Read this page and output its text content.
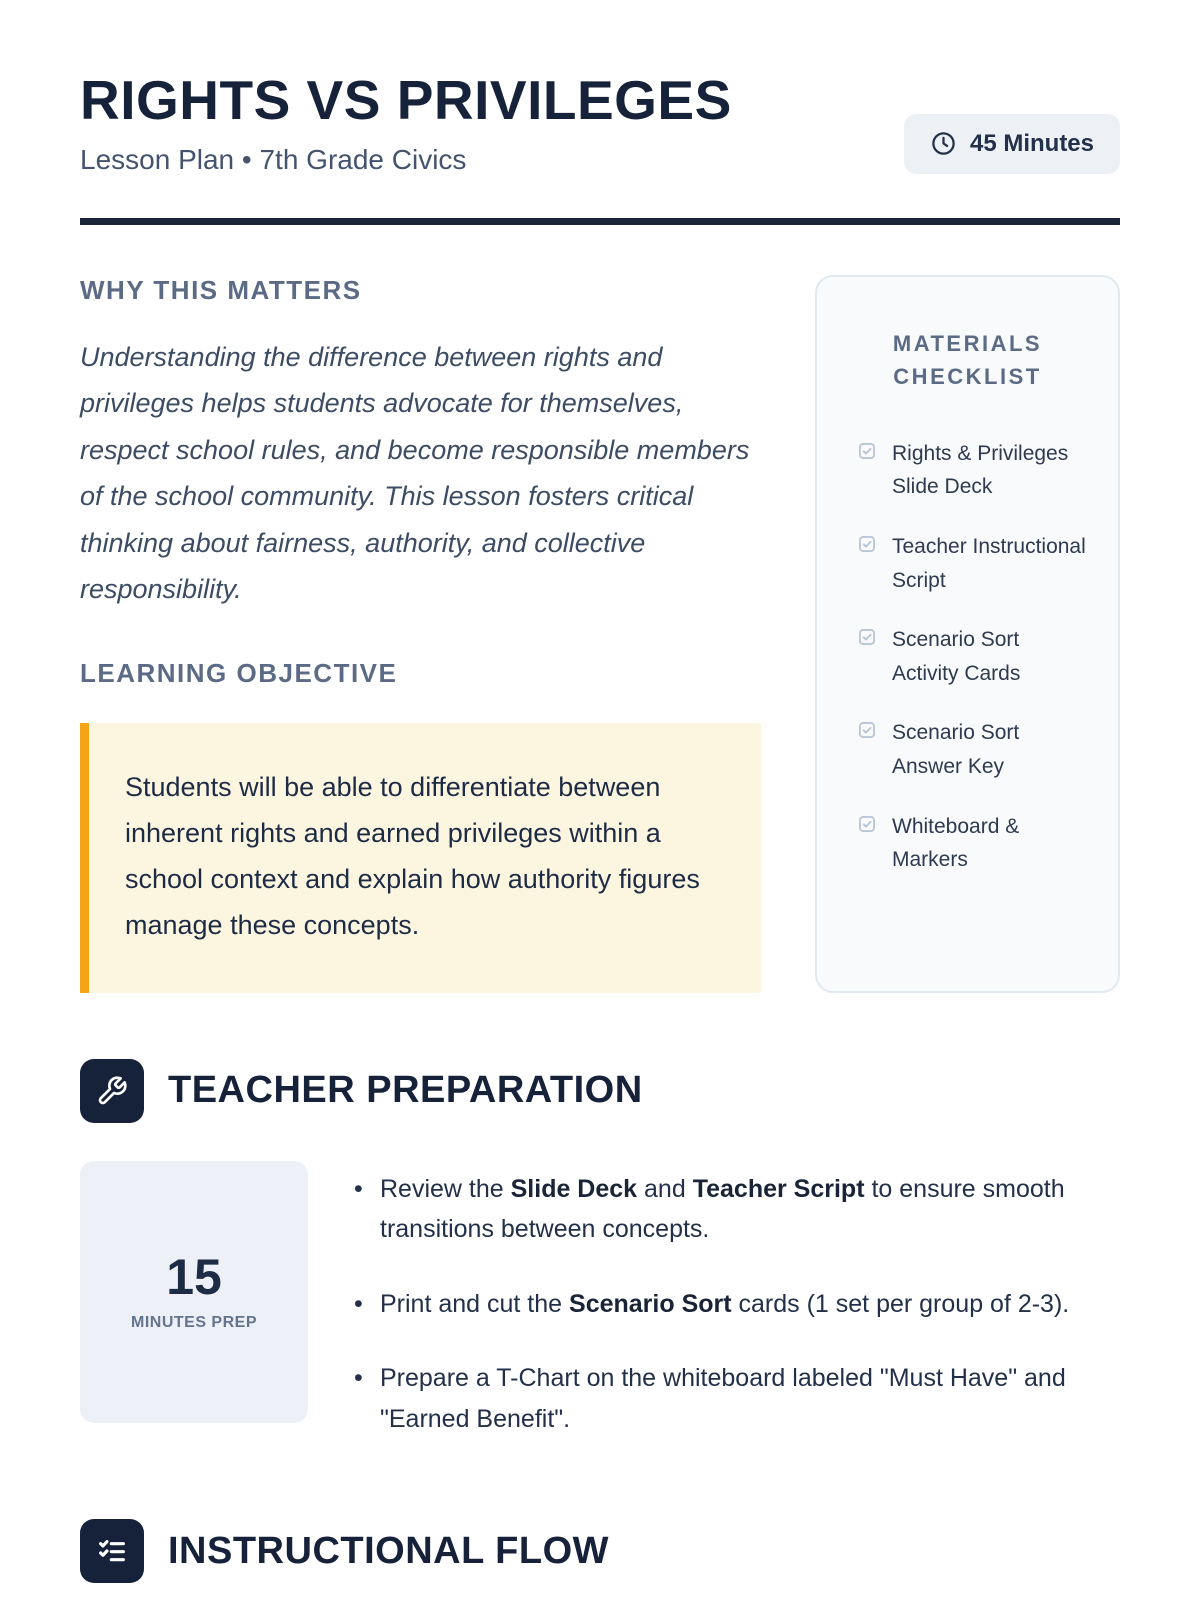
RIGHTS VS PRIVILEGES
Lesson Plan • 7th Grade Civics
45 Minutes
WHY THIS MATTERS

Understanding the difference between rights and privileges helps students advocate for themselves, respect school rules, and become responsible members of the school community. This lesson fosters critical thinking about fairness, authority, and collective responsibility.

LEARNING OBJECTIVE

Students will be able to differentiate between inherent rights and earned privileges within a school context and explain how authority figures manage these concepts.

MATERIALS CHECKLIST
Rights & Privileges Slide Deck
Teacher Instructional Script
Scenario Sort Activity Cards
Scenario Sort Answer Key
Whiteboard & Markers
TEACHER PREPARATION
15
MINUTES PREP
• Review the Slide Deck and Teacher Script to ensure smooth transitions between concepts.
• Print and cut the Scenario Sort cards (1 set per group of 2-3).
• Prepare a T-Chart on the whiteboard labeled "Must Have" and "Earned Benefit".
INSTRUCTIONAL FLOW
